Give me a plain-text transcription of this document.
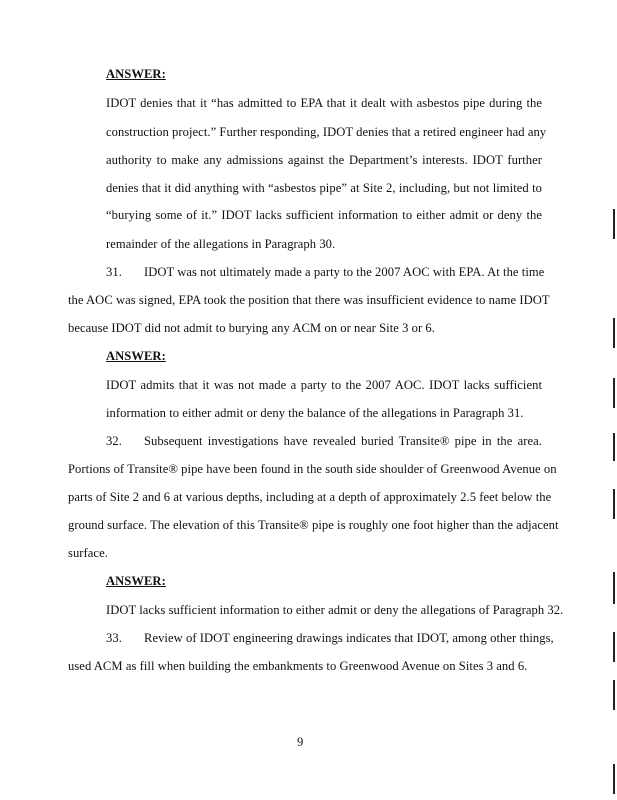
ANSWER:
IDOT denies that it “has admitted to EPA that it dealt with asbestos pipe during the
construction project.” Further responding, IDOT denies that a retired engineer had any
authority to make any admissions against the Department’s interests. IDOT further
denies that it did anything with “asbestos pipe” at Site 2, including, but not limited to
“burying some of it.” IDOT lacks sufficient information to either admit or deny the
remainder of the allegations in Paragraph 30.
31. IDOT was not ultimately made a party to the 2007 AOC with EPA. At the time
the AOC was signed, EPA took the position that there was insufficient evidence to name IDOT
because IDOT did not admit to burying any ACM on or near Site 3 or 6.
ANSWER:
IDOT admits that it was not made a party to the 2007 AOC. IDOT lacks sufficient
information to either admit or deny the balance of the allegations in Paragraph 31.
32. Subsequent investigations have revealed buried Transite® pipe in the area.
Portions of Transite® pipe have been found in the south side shoulder of Greenwood Avenue on
parts of Site 2 and 6 at various depths, including at a depth of approximately 2.5 feet below the
ground surface. The elevation of this Transite® pipe is roughly one foot higher than the adjacent
surface.
ANSWER:
IDOT lacks sufficient information to either admit or deny the allegations of Paragraph 32.
33. Review of IDOT engineering drawings indicates that IDOT, among other things,
used ACM as fill when building the embankments to Greenwood Avenue on Sites 3 and 6.
9
